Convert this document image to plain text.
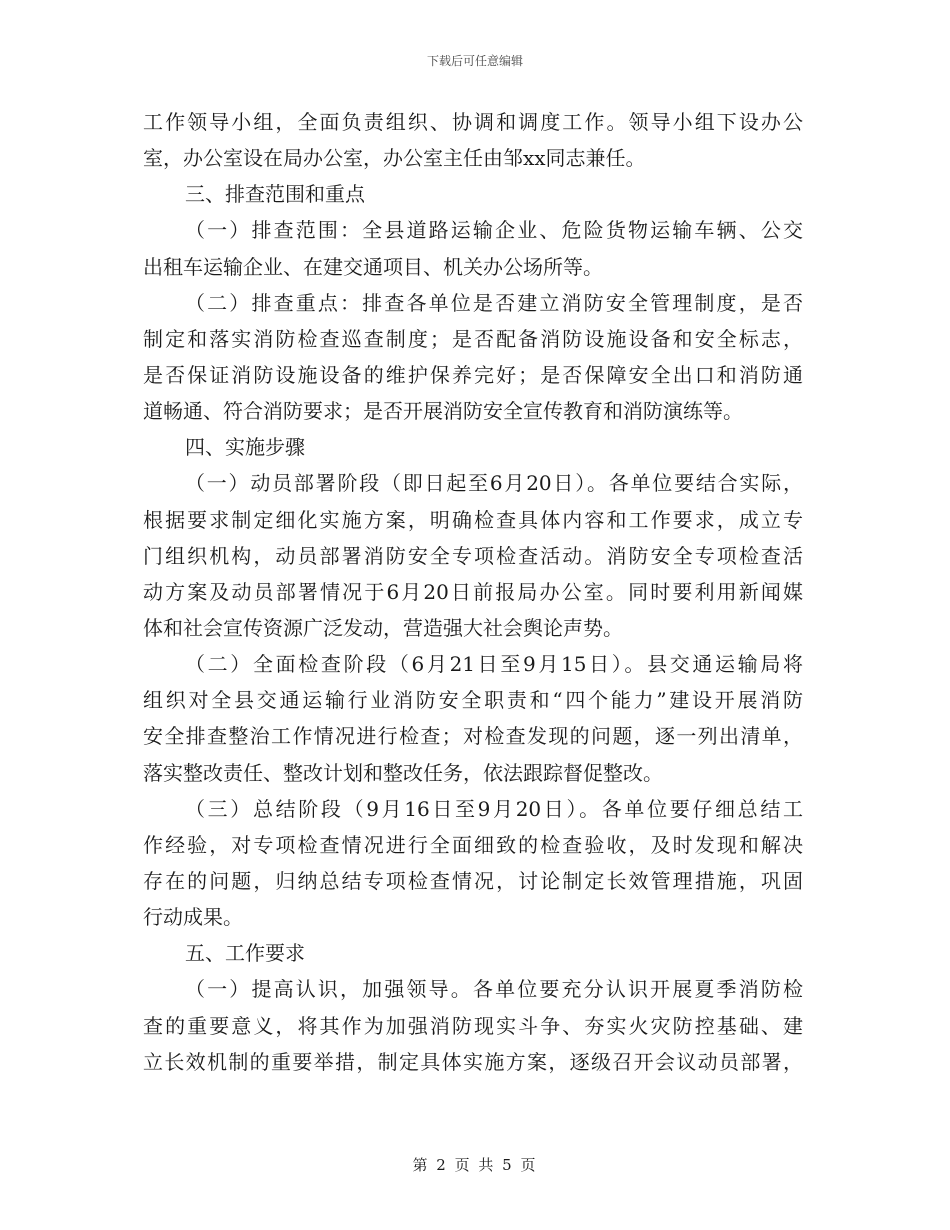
下载后可任意编辑
工作领导小组，全面负责组织、协调和调度工作。领导小组下设办公
室，办公室设在局办公室，办公室主任由邹xx同志兼任。
三、排查范围和重点
（一）排查范围：全县道路运输企业、危险货物运输车辆、公交
出租车运输企业、在建交通项目、机关办公场所等。
（二）排查重点：排查各单位是否建立消防安全管理制度，是否
制定和落实消防检查巡查制度；是否配备消防设施设备和安全标志，
是否保证消防设施设备的维护保养完好；是否保障安全出口和消防通
道畅通、符合消防要求；是否开展消防安全宣传教育和消防演练等。
四、实施步骤
（一）动员部署阶段（即日起至6月20日）。各单位要结合实际，
根据要求制定细化实施方案，明确检查具体内容和工作要求，成立专
门组织机构，动员部署消防安全专项检查活动。消防安全专项检查活
动方案及动员部署情况于6月20日前报局办公室。同时要利用新闻媒
体和社会宣传资源广泛发动，营造强大社会舆论声势。
（二）全面检查阶段（6月21日至9月15日）。县交通运输局将
组织对全县交通运输行业消防安全职责和“四个能力”建设开展消防
安全排查整治工作情况进行检查；对检查发现的问题，逐一列出清单，
落实整改责任、整改计划和整改任务，依法跟踪督促整改。
（三）总结阶段（9月16日至9月20日）。各单位要仔细总结工
作经验，对专项检查情况进行全面细致的检查验收，及时发现和解决
存在的问题，归纳总结专项检查情况，讨论制定长效管理措施，巩固
行动成果。
五、工作要求
（一）提高认识，加强领导。各单位要充分认识开展夏季消防检
查的重要意义，将其作为加强消防现实斗争、夯实火灾防控基础、建
立长效机制的重要举措，制定具体实施方案，逐级召开会议动员部署，
第 2 页 共 5 页
